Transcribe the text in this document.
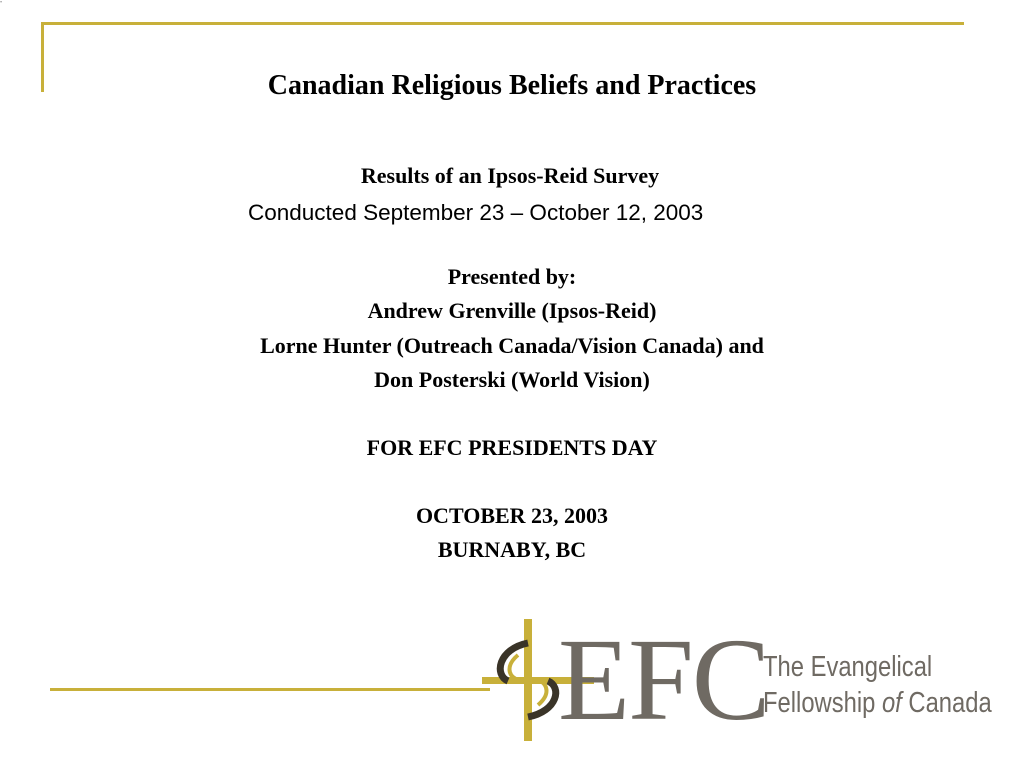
•
Canadian Religious Beliefs and Practices
Results of an Ipsos-Reid Survey
Conducted September 23 – October 12, 2003
Presented by:
Andrew Grenville (Ipsos-Reid)
Lorne Hunter (Outreach Canada/Vision Canada) and
Don Posterski (World Vision)
FOR EFC PRESIDENTS DAY
OCTOBER 23, 2003
BURNABY, BC
EFC
The Evangelical
Fellowship of Canada
